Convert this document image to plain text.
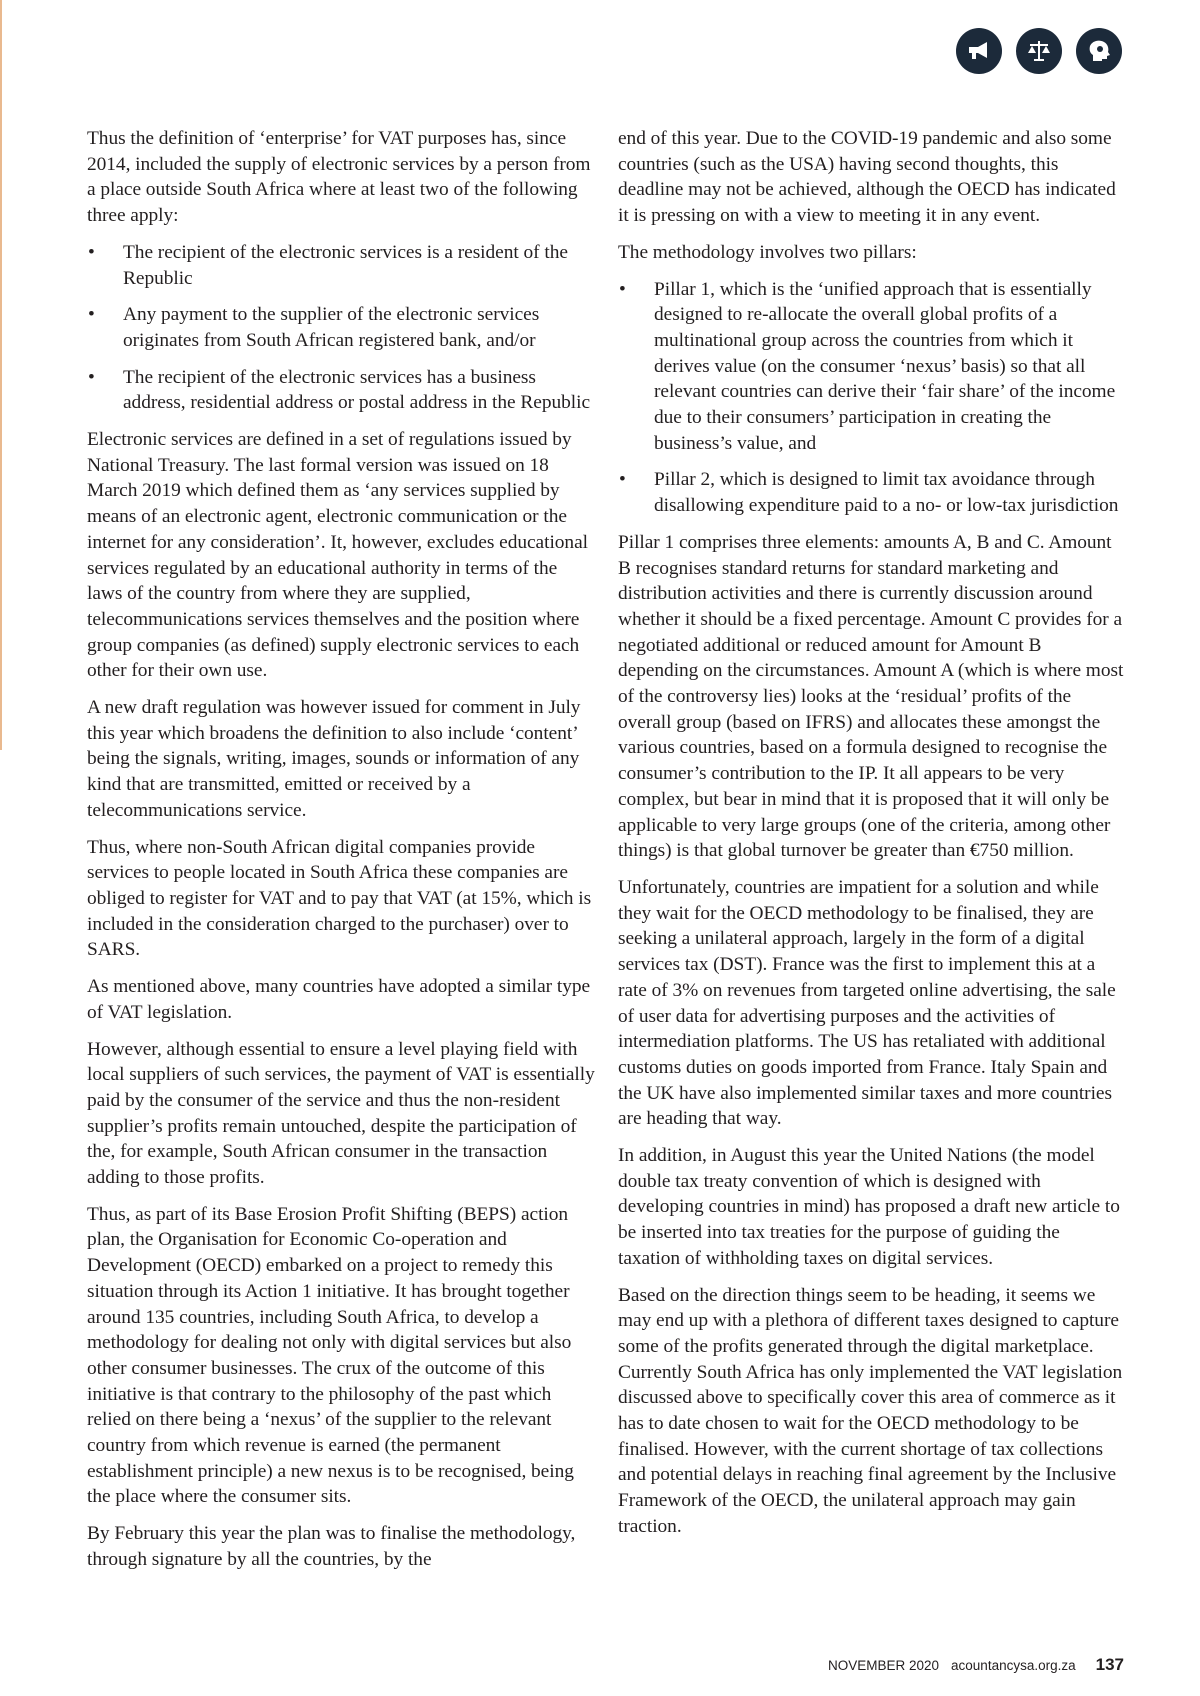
Thus the definition of ‘enterprise’ for VAT purposes has, since 2014, included the supply of electronic services by a person from a place outside South Africa where at least two of the following three apply:

• The recipient of the electronic services is a resident of the Republic
• Any payment to the supplier of the electronic services originates from South African registered bank, and/or
• The recipient of the electronic services has a business address, residential address or postal address in the Republic

Electronic services are defined in a set of regulations issued by National Treasury. The last formal version was issued on 18 March 2019 which defined them as ‘any services supplied by means of an electronic agent, electronic communication or the internet for any consideration’. It, however, excludes educational services regulated by an educational authority in terms of the laws of the country from where they are supplied, telecommunications services themselves and the position where group companies (as defined) supply electronic services to each other for their own use.

A new draft regulation was however issued for comment in July this year which broadens the definition to also include ‘content’ being the signals, writing, images, sounds or information of any kind that are transmitted, emitted or received by a telecommunications service.

Thus, where non-South African digital companies provide services to people located in South Africa these companies are obliged to register for VAT and to pay that VAT (at 15%, which is included in the consideration charged to the purchaser) over to SARS.

As mentioned above, many countries have adopted a similar type of VAT legislation.

However, although essential to ensure a level playing field with local suppliers of such services, the payment of VAT is essentially paid by the consumer of the service and thus the non-resident supplier’s profits remain untouched, despite the participation of the, for example, South African consumer in the transaction adding to those profits.

Thus, as part of its Base Erosion Profit Shifting (BEPS) action plan, the Organisation for Economic Co-operation and Development (OECD) embarked on a project to remedy this situation through its Action 1 initiative. It has brought together around 135 countries, including South Africa, to develop a methodology for dealing not only with digital services but also other consumer businesses. The crux of the outcome of this initiative is that contrary to the philosophy of the past which relied on there being a ‘nexus’ of the supplier to the relevant country from which revenue is earned (the permanent establishment principle) a new nexus is to be recognised, being the place where the consumer sits.

By February this year the plan was to finalise the methodology, through signature by all the countries, by the

end of this year. Due to the COVID-19 pandemic and also some countries (such as the USA) having second thoughts, this deadline may not be achieved, although the OECD has indicated it is pressing on with a view to meeting it in any event.

The methodology involves two pillars:

• Pillar 1, which is the ‘unified approach that is essentially designed to re-allocate the overall global profits of a multinational group across the countries from which it derives value (on the consumer ‘nexus’ basis) so that all relevant countries can derive their ‘fair share’ of the income due to their consumers’ participation in creating the business’s value, and
• Pillar 2, which is designed to limit tax avoidance through disallowing expenditure paid to a no- or low-tax jurisdiction

Pillar 1 comprises three elements: amounts A, B and C. Amount B recognises standard returns for standard marketing and distribution activities and there is currently discussion around whether it should be a fixed percentage. Amount C provides for a negotiated additional or reduced amount for Amount B depending on the circumstances. Amount A (which is where most of the controversy lies) looks at the ‘residual’ profits of the overall group (based on IFRS) and allocates these amongst the various countries, based on a formula designed to recognise the consumer’s contribution to the IP. It all appears to be very complex, but bear in mind that it is proposed that it will only be applicable to very large groups (one of the criteria, among other things) is that global turnover be greater than €750 million.

Unfortunately, countries are impatient for a solution and while they wait for the OECD methodology to be finalised, they are seeking a unilateral approach, largely in the form of a digital services tax (DST). France was the first to implement this at a rate of 3% on revenues from targeted online advertising, the sale of user data for advertising purposes and the activities of intermediation platforms. The US has retaliated with additional customs duties on goods imported from France. Italy Spain and the UK have also implemented similar taxes and more countries are heading that way.

In addition, in August this year the United Nations (the model double tax treaty convention of which is designed with developing countries in mind) has proposed a draft new article to be inserted into tax treaties for the purpose of guiding the taxation of withholding taxes on digital services.

Based on the direction things seem to be heading, it seems we may end up with a plethora of different taxes designed to capture some of the profits generated through the digital marketplace. Currently South Africa has only implemented the VAT legislation discussed above to specifically cover this area of commerce as it has to date chosen to wait for the OECD methodology to be finalised. However, with the current shortage of tax collections and potential delays in reaching final agreement by the Inclusive Framework of the OECD, the unilateral approach may gain traction.

NOVEMBER 2020 acountancysa.org.za 137
